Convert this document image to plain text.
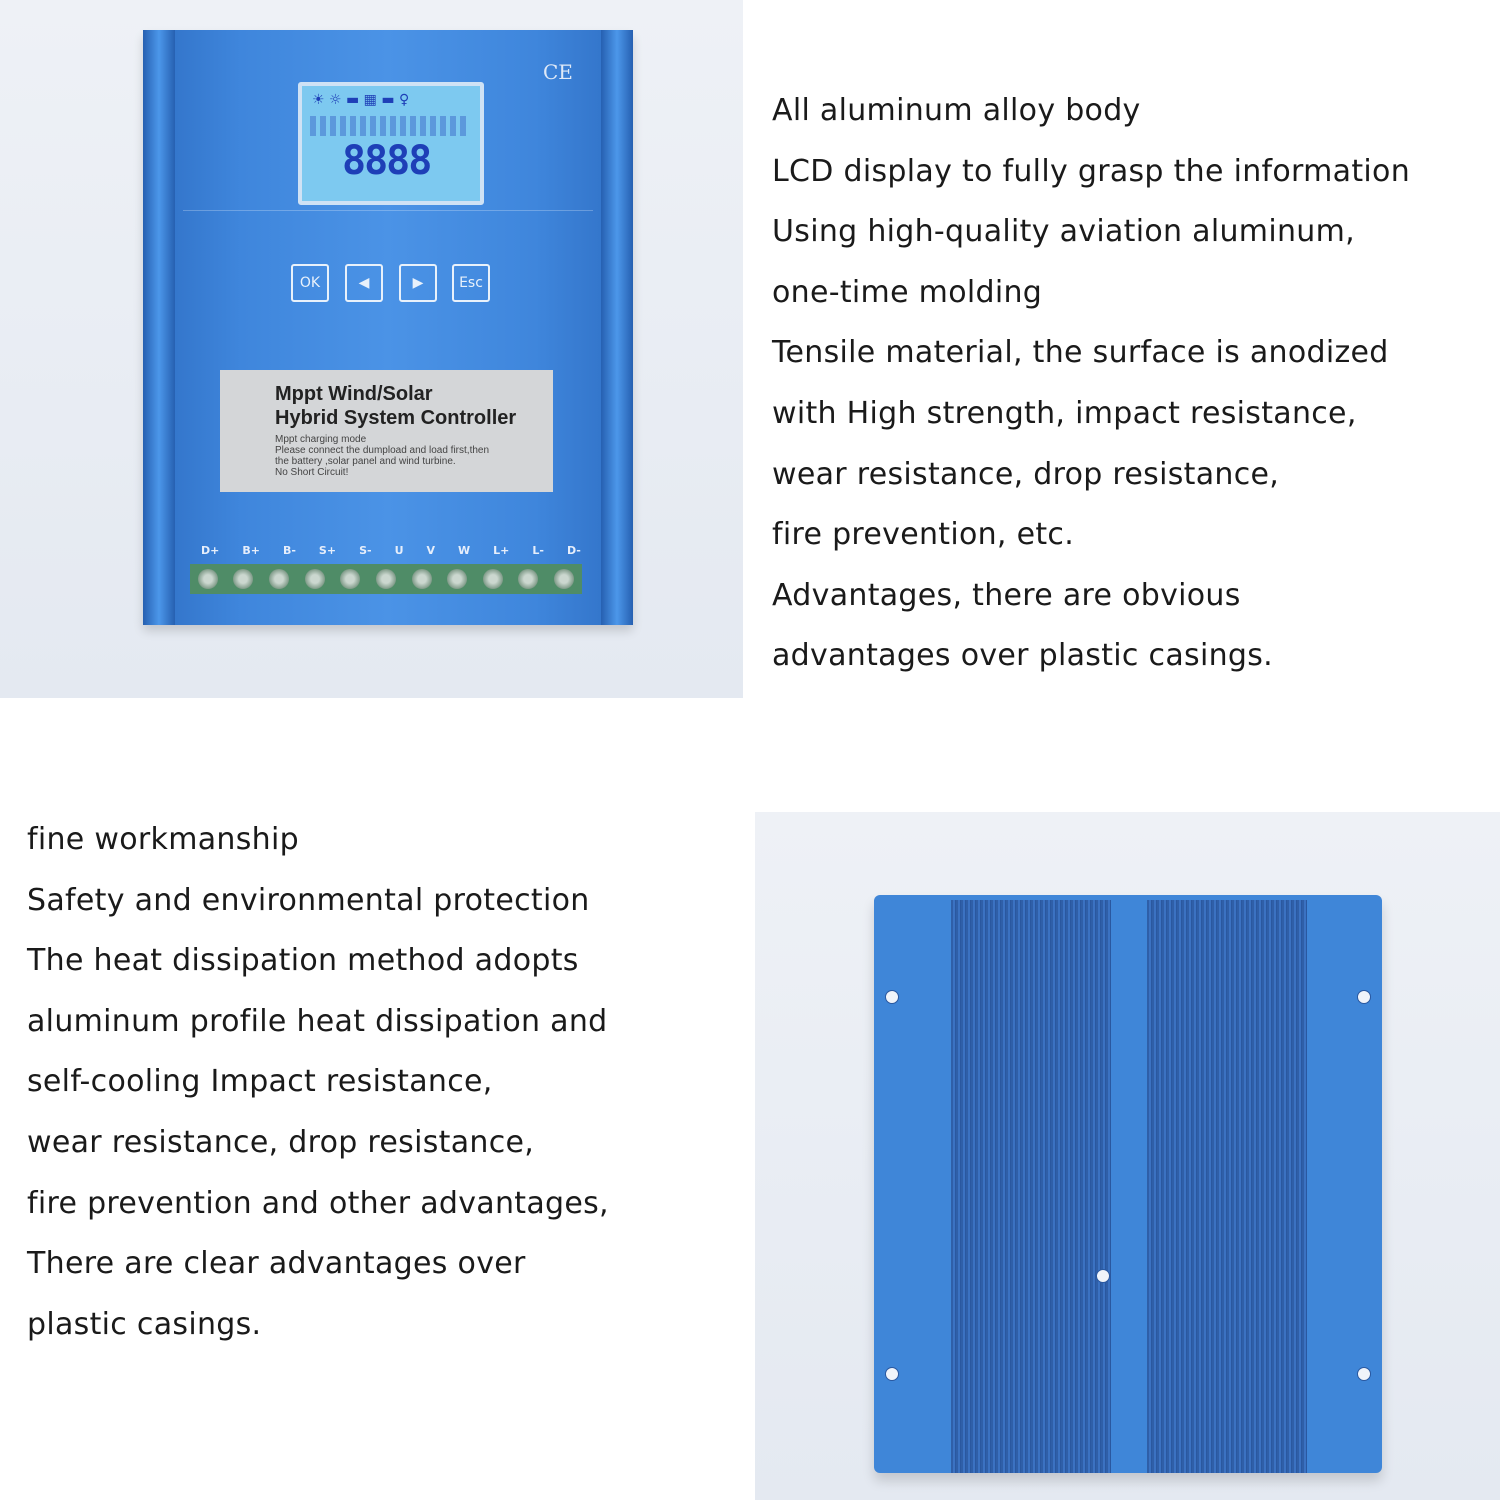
CE
☀ ☼ ▬ ▦ ▬ ♀
8888
OK	◀	▶	Esc
Mppt Wind/Solar
Hybrid System Controller
Mppt charging mode
Please connect the dumpload and load first,then
the battery ,solar panel and wind turbine.
No Short Circuit!
D+ B+ B- S+ S- U V W L+ L- D-
All aluminum alloy body
LCD display to fully grasp the information
Using high-quality aviation aluminum,
one-time molding
Tensile material, the surface is anodized
with High strength, impact resistance,
wear resistance, drop resistance,
fire prevention, etc.
Advantages, there are obvious
advantages over plastic casings.
fine workmanship
Safety and environmental protection
The heat dissipation method adopts
aluminum profile heat dissipation and
self-cooling Impact resistance,
wear resistance, drop resistance,
fire prevention and other advantages,
There are clear advantages over
plastic casings.
